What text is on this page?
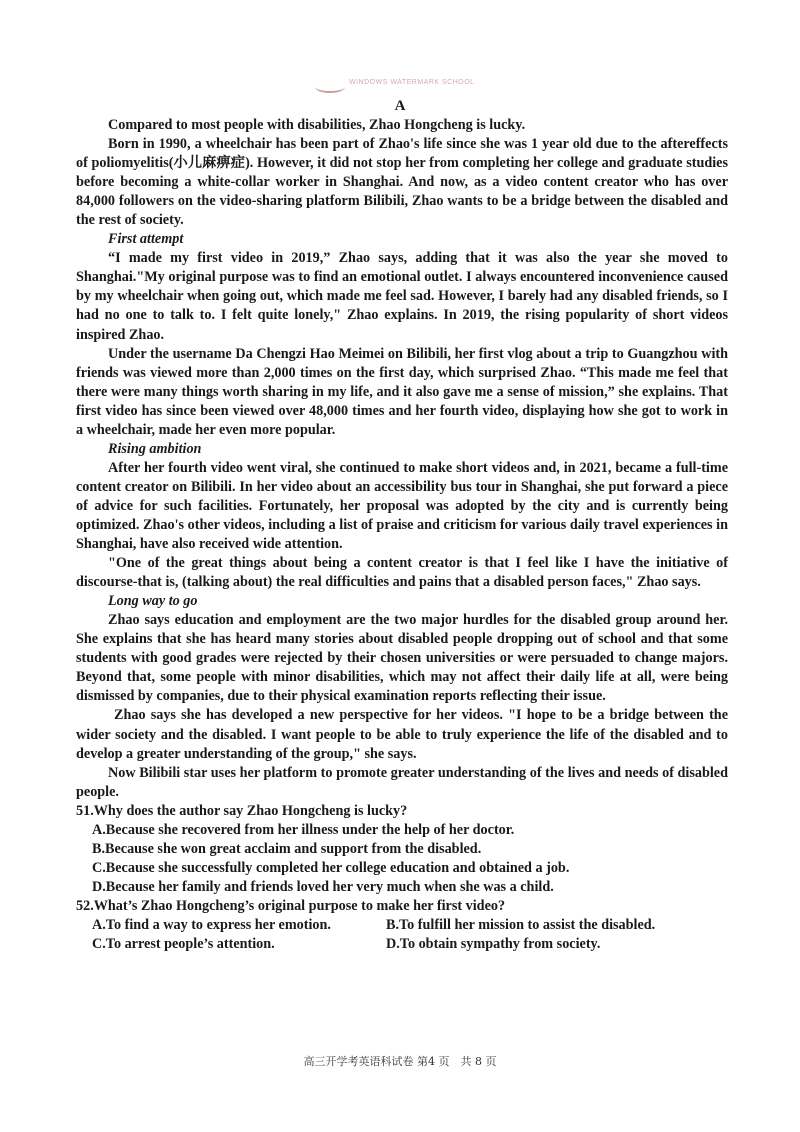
WINDOWS WATERMARK SCHOOL
A

Compared to most people with disabilities, Zhao Hongcheng is lucky.

Born in 1990, a wheelchair has been part of Zhao's life since she was 1 year old due to the aftereffects of poliomyelitis(小儿麻痹症). However, it did not stop her from completing her college and graduate studies before becoming a white-collar worker in Shanghai. And now, as a video content creator who has over 84,000 followers on the video-sharing platform Bilibili, Zhao wants to be a bridge between the disabled and the rest of society.

First attempt

“I made my first video in 2019,” Zhao says, adding that it was also the year she moved to Shanghai."My original purpose was to find an emotional outlet. I always encountered inconvenience caused by my wheelchair when going out, which made me feel sad. However, I barely had any disabled friends, so I had no one to talk to. I felt quite lonely," Zhao explains. In 2019, the rising popularity of short videos inspired Zhao.

Under the username Da Chengzi Hao Meimei on Bilibili, her first vlog about a trip to Guangzhou with friends was viewed more than 2,000 times on the first day, which surprised Zhao. “This made me feel that there were many things worth sharing in my life, and it also gave me a sense of mission,” she explains. That first video has since been viewed over 48,000 times and her fourth video, displaying how she got to work in a wheelchair, made her even more popular.

Rising ambition

After her fourth video went viral, she continued to make short videos and, in 2021, became a full-time content creator on Bilibili. In her video about an accessibility bus tour in Shanghai, she put forward a piece of advice for such facilities. Fortunately, her proposal was adopted by the city and is currently being optimized. Zhao's other videos, including a list of praise and criticism for various daily travel experiences in Shanghai, have also received wide attention.

"One of the great things about being a content creator is that I feel like I have the initiative of discourse-that is, (talking about) the real difficulties and pains that a disabled person faces," Zhao says.

Long way to go

Zhao says education and employment are the two major hurdles for the disabled group around her. She explains that she has heard many stories about disabled people dropping out of school and that some students with good grades were rejected by their chosen universities or were persuaded to change majors. Beyond that, some people with minor disabilities, which may not affect their daily life at all, were being dismissed by companies, due to their physical examination reports reflecting their issue.

Zhao says she has developed a new perspective for her videos. "I hope to be a bridge between the wider society and the disabled. I want people to be able to truly experience the life of the disabled and to develop a greater understanding of the group," she says.

Now Bilibili star uses her platform to promote greater understanding of the lives and needs of disabled people.

51.Why does the author say Zhao Hongcheng is lucky?

A.Because she recovered from her illness under the help of her doctor.

B.Because she won great acclaim and support from the disabled.

C.Because she successfully completed her college education and obtained a job.

D.Because her family and friends loved her very much when she was a child.

52.What’s Zhao Hongcheng’s original purpose to make her first video?

A.To find a way to express her emotion.	B.To fulfill her mission to assist the disabled.
C.To arrest people’s attention.	D.To obtain sympathy from society.
高三开学考英语科试卷 第4 页　共 8 页
